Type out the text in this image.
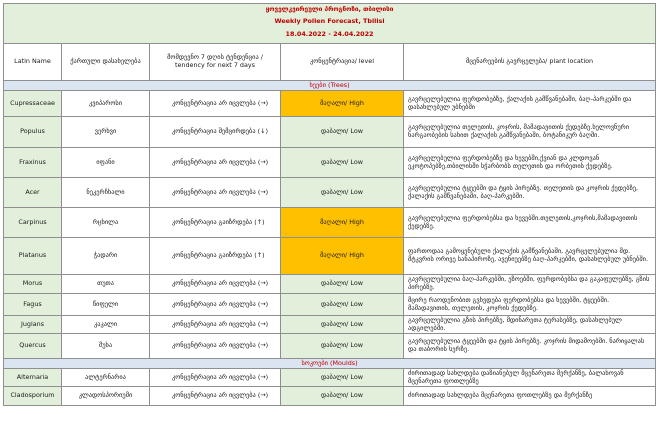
ყოველკვირეული პროგნოზი, თბილისი				
Weekly Pollen Forecast, Tbilisi				
18.04.2022 - 24.04.2022				
Latin Name	ქართული დასახელება	მომდევნო 7 დღის ტენდენცია / tendency for next 7 days	კონცენტრაცია/ level	მცენარეების გავრცელება/ plant location
ხეები (Trees)				
Cupressaceae	კვიპაროსი	კონცენტრაცია არ იცვლება (→)	მაღალი/ High	გავრცელებულია ფერდობებზე, ქალაქის გამწვანებაში, ბაღ-პარკებში და დასახლებულ უბნებში
Populus	ვერხვი	კონცენტრაცია შემცირდება (↓)	დაბალი/ Low	გავრცელებულია თელეთის, კოჯრის, მამადავითის ქედებზე.ხელოვნური ნარგაობების სახით ქალაქის გამწვანებაში, ბოტანიკურ ბაღში.
Fraxinus	იფანი	კონცენტრაცია არ იცვლება (→)	დაბალი/ Low	გავრცელებულია ფერდობებზე და ხევებში,ქვიან და კლდოვან ეკოტოპებზე.თბილისში სჭარბობს თელეთის და ორბეთის ქედებზე.
Acer	ნეკერჩხალი	კონცენტრაცია არ იცვლება (→)	დაბალი/ Low	გავრცელებულია ტყეებში და ტყის პირებზე. თელეთის და კოჯრის ქედებზე, ქალაქის გამწვანებაში, ბაღ-პარკებში.
Carpinus	რცხილა	კონცენტრაცია გაიზრდება (↑)	მაღალი/ High	გავრცელებულია ფერდობებსა და ხევებში.თელეთის,კოჯრის,მამადავითის ქედებზე.
Platanus	ჭადარი	კონცენტრაცია გაიზრდება (↑)	მაღალი/ High	ფართოდაა გამოყენებული ქალაქის გამწვანებაში, გავრცელებულია მდ. მტკვრის ორივე სანაპიროზე, ავენიუებზე ბაღ-პარკებში, დასახლებულ უბნებში.
Morus	თუთა	კონცენტრაცია არ იცვლება (→)	დაბალი/ Low	გავრცელებულია ბაღ-პარკებში, ეზოებში, ფერდობებსა და გაკაფულებზე, გზის პირებზე.
Fagus	წიფელი	კონცენტრაცია არ იცვლება (→)	დაბალი/ Low	მცირე რაოდენობით გვხვდება ფერდობებსა და ხევებში, ტყეებში. მამადავითის, თელეთის, კოჯრის ქედებზე.
Juglans	კაკალი	კონცენტრაცია არ იცვლება (→)	დაბალი/ Low	გავრცელებულია გზის პირებზე, მდინარეთა ტერასებზე, დასახლებულ ადგილებში.
Quercus	მუხა	კონცენტრაცია არ იცვლება (→)	დაბალი/ Low	გავრცელებულია ტყეებში და ტყის პირებზე. კოჯრის მიდამოებში. ნარიყალას და თაბორის სერზე.
სოკოები (Moulds)				
Alternaria	ალტერნარია	კონცენტრაცია არ იცვლება (→)	დაბალი/ Low	ძირითადად სახლდება დაზიანებულ მცენარეთა მერქანზე, ბალახოვან მცენარეთა ფოთლებზე
Cladosporium	კლადოსპორიუმი	კონცენტრაცია არ იცვლება (→)	დაბალი/ Low	ძირითადად სახლდება მცენარეთა ფოთლებზე და მერქანზე
